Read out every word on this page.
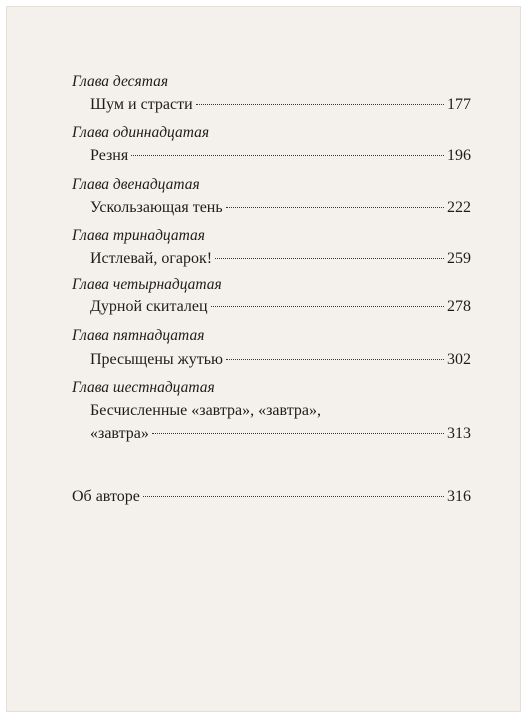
Глава десятая
Шум и страсти	177
Глава одиннадцатая
Резня	196
Глава двенадцатая
Ускользающая тень	222
Глава тринадцатая
Истлевай, огарок!	259
Глава четырнадцатая
Дурной скиталец	278
Глава пятнадцатая
Пресыщены жутью	302
Глава шестнадцатая
Бесчисленные «завтра», «завтра»,
«завтра»	313
Об авторе	316
